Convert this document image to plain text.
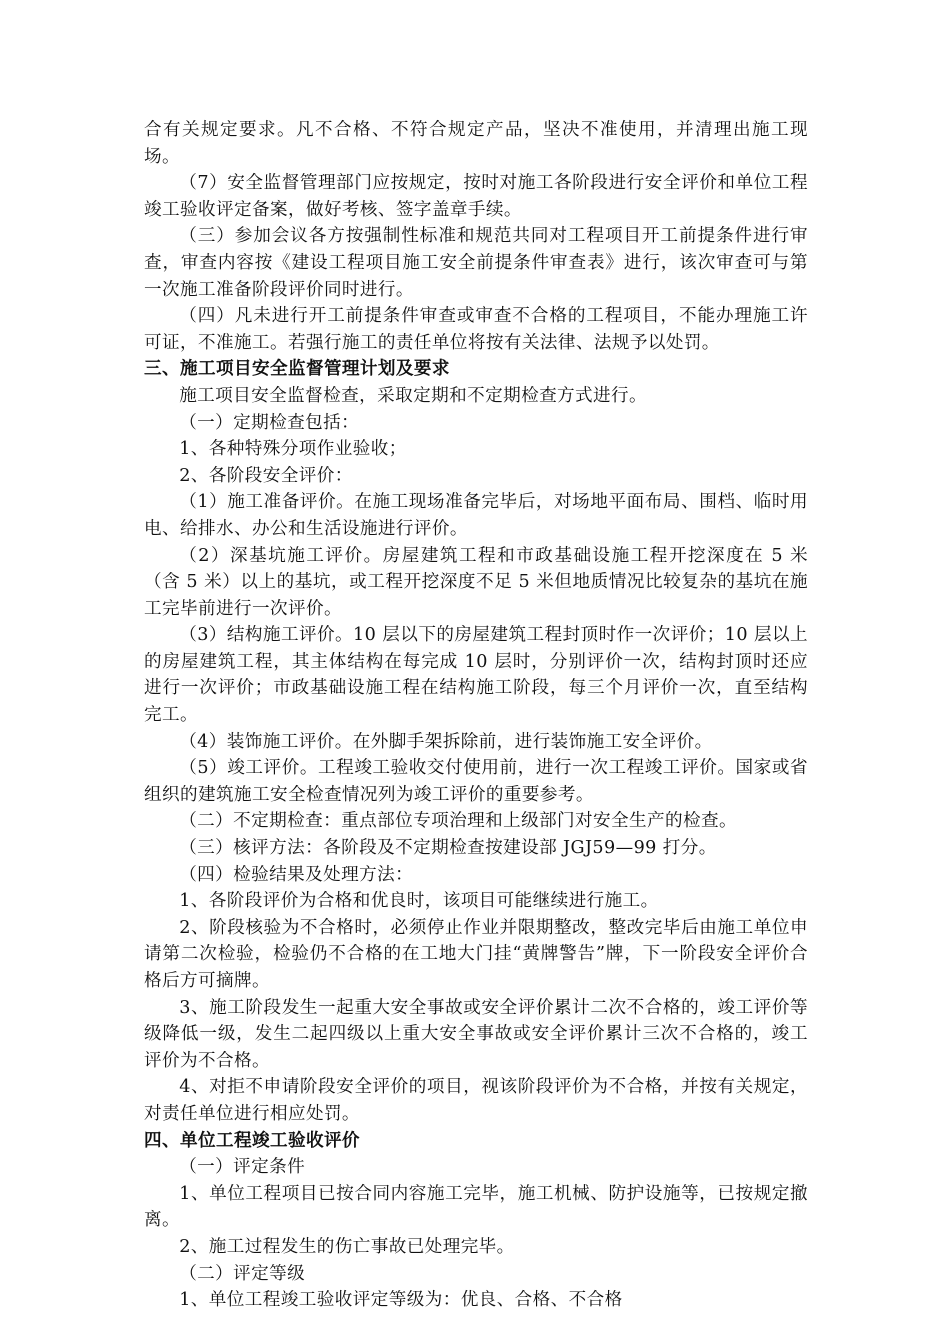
合有关规定要求。凡不合格、不符合规定产品，坚决不准使用，并清理出施工现场。

（7）安全监督管理部门应按规定，按时对施工各阶段进行安全评价和单位工程竣工验收评定备案，做好考核、签字盖章手续。

（三）参加会议各方按强制性标准和规范共同对工程项目开工前提条件进行审查，审查内容按《建设工程项目施工安全前提条件审查表》进行，该次审查可与第一次施工准备阶段评价同时进行。

（四）凡未进行开工前提条件审查或审查不合格的工程项目，不能办理施工许可证，不准施工。若强行施工的责任单位将按有关法律、法规予以处罚。

三、施工项目安全监督管理计划及要求

施工项目安全监督检查，采取定期和不定期检查方式进行。

（一）定期检查包括：

1、各种特殊分项作业验收；

2、各阶段安全评价：

（1）施工准备评价。在施工现场准备完毕后，对场地平面布局、围档、临时用电、给排水、办公和生活设施进行评价。

（2）深基坑施工评价。房屋建筑工程和市政基础设施工程开挖深度在 5 米（含 5 米）以上的基坑，或工程开挖深度不足 5 米但地质情况比较复杂的基坑在施工完毕前进行一次评价。

（3）结构施工评价。10 层以下的房屋建筑工程封顶时作一次评价；10 层以上的房屋建筑工程，其主体结构在每完成 10 层时，分别评价一次，结构封顶时还应进行一次评价；市政基础设施工程在结构施工阶段，每三个月评价一次，直至结构完工。

（4）装饰施工评价。在外脚手架拆除前，进行装饰施工安全评价。

（5）竣工评价。工程竣工验收交付使用前，进行一次工程竣工评价。国家或省组织的建筑施工安全检查情况列为竣工评价的重要参考。

（二）不定期检查：重点部位专项治理和上级部门对安全生产的检查。

（三）核评方法：各阶段及不定期检查按建设部 JGJ59—99 打分。

（四）检验结果及处理方法：

1、各阶段评价为合格和优良时，该项目可能继续进行施工。

2、阶段核验为不合格时，必须停止作业并限期整改，整改完毕后由施工单位申请第二次检验，检验仍不合格的在工地大门挂“黄牌警告”牌，下一阶段安全评价合格后方可摘牌。

3、施工阶段发生一起重大安全事故或安全评价累计二次不合格的，竣工评价等级降低一级，发生二起四级以上重大安全事故或安全评价累计三次不合格的，竣工评价为不合格。

4、对拒不申请阶段安全评价的项目，视该阶段评价为不合格，并按有关规定，对责任单位进行相应处罚。

四、单位工程竣工验收评价

（一）评定条件

1、单位工程项目已按合同内容施工完毕，施工机械、防护设施等，已按规定撤离。

2、施工过程发生的伤亡事故已处理完毕。

（二）评定等级

1、单位工程竣工验收评定等级为：优良、合格、不合格
